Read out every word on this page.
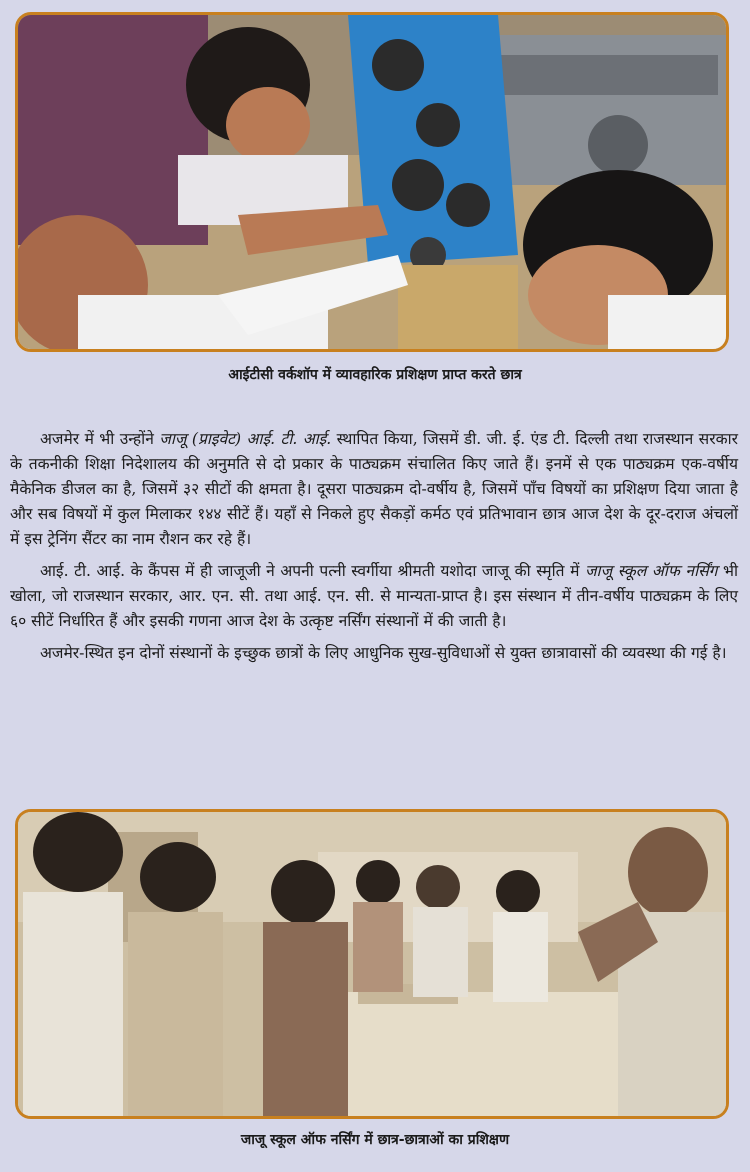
आईटीसी वर्कशॉप में व्यावहारिक प्रशिक्षण प्राप्त करते छात्र

अजमेर में भी उन्होंने जाजू (प्राइवेट) आई. टी. आई. स्थापित किया, जिसमें डी. जी. ई. एंड टी. दिल्ली तथा राजस्थान सरकार के तकनीकी शिक्षा निदेशालय की अनुमति से दो प्रकार के पाठ्यक्रम संचालित किए जाते हैं। इनमें से एक पाठ्यक्रम एक-वर्षीय मैकेनिक डीजल का है, जिसमें ३२ सीटों की क्षमता है। दूसरा पाठ्यक्रम दो-वर्षीय है, जिसमें पाँच विषयों का प्रशिक्षण दिया जाता है और सब विषयों में कुल मिलाकर १४४ सीटें हैं। यहाँ से निकले हुए सैकड़ों कर्मठ एवं प्रतिभावान छात्र आज देश के दूर-दराज अंचलों में इस ट्रेनिंग सैंटर का नाम रौशन कर रहे हैं।

आई. टी. आई. के कैंपस में ही जाजूजी ने अपनी पत्नी स्वर्गीया श्रीमती यशोदा जाजू की स्मृति में जाजू स्कूल ऑफ नर्सिंग भी खोला, जो राजस्थान सरकार, आर. एन. सी. तथा आई. एन. सी. से मान्यता-प्राप्त है। इस संस्थान में तीन-वर्षीय पाठ्यक्रम के लिए ६० सीटें निर्धारित हैं और इसकी गणना आज देश के उत्कृष्ट नर्सिंग संस्थानों में की जाती है।

अजमेर-स्थित इन दोनों संस्थानों के इच्छुक छात्रों के लिए आधुनिक सुख-सुविधाओं से युक्त छात्रावासों की व्यवस्था की गई है।

जाजू स्कूल ऑफ नर्सिंग में छात्र-छात्राओं का प्रशिक्षण
